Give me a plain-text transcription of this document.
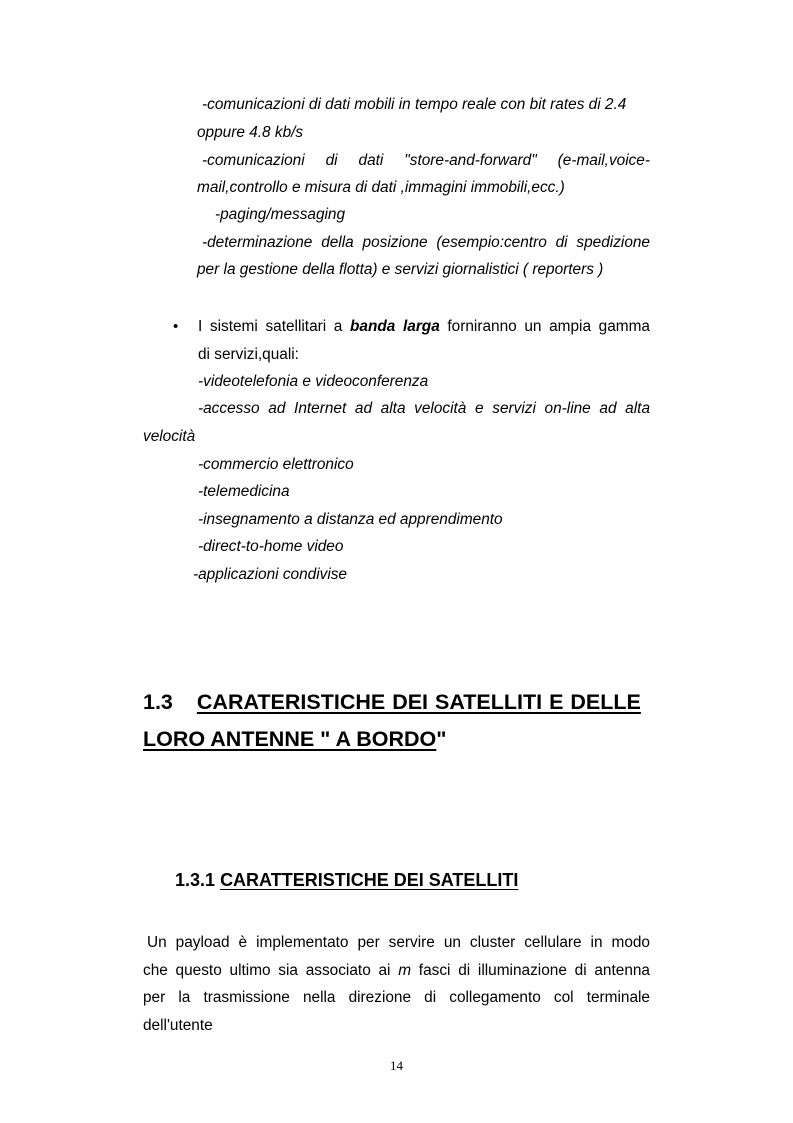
-comunicazioni di dati mobili in tempo reale con bit rates di 2.4
oppure 4.8 kb/s
-comunicazioni di dati "store-and-forward" (e-mail,voice-
mail,controllo e misura di dati ,immagini immobili,ecc.)
-paging/messaging
-determinazione della posizione (esempio:centro di spedizione
per la gestione della flotta) e servizi giornalistici ( reporters )
• I sistemi satellitari a banda larga forniranno un ampia gamma
di servizi,quali:
-videotelefonia e videoconferenza
-accesso ad Internet ad alta velocità e servizi on-line ad alta
velocità
-commercio elettronico
-telemedicina
-insegnamento a distanza ed apprendimento
-direct-to-home video
-applicazioni condivise
1.3 CARATERISTICHE DEI SATELLITI E DELLE
LORO ANTENNE " A BORDO"
1.3.1 CARATTERISTICHE DEI SATELLITI
Un payload è implementato per servire un cluster cellulare in modo
che questo ultimo sia associato ai m fasci di illuminazione di antenna
per la trasmissione nella direzione di collegamento col terminale
dell'utente
14
